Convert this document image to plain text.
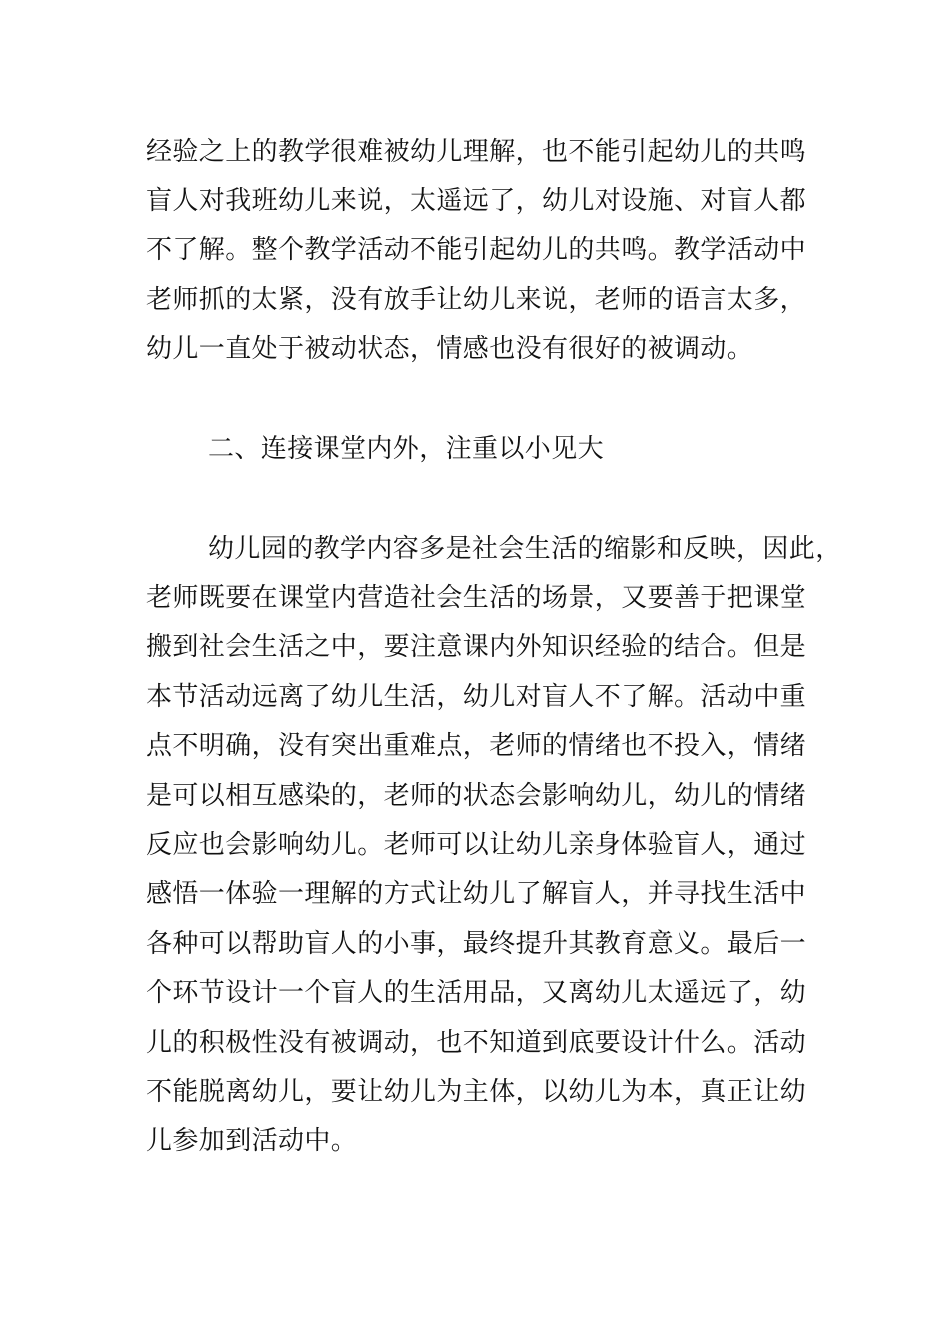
经验之上的教学很难被幼儿理解，也不能引起幼儿的共鸣
盲人对我班幼儿来说，太遥远了，幼儿对设施、对盲人都
不了解。整个教学活动不能引起幼儿的共鸣。教学活动中
老师抓的太紧，没有放手让幼儿来说，老师的语言太多，
幼儿一直处于被动状态，情感也没有很好的被调动。
二、连接课堂内外，注重以小见大
幼儿园的教学内容多是社会生活的缩影和反映，因此，
老师既要在课堂内营造社会生活的场景，又要善于把课堂
搬到社会生活之中，要注意课内外知识经验的结合。但是
本节活动远离了幼儿生活，幼儿对盲人不了解。活动中重
点不明确，没有突出重难点，老师的情绪也不投入，情绪
是可以相互感染的，老师的状态会影响幼儿，幼儿的情绪
反应也会影响幼儿。老师可以让幼儿亲身体验盲人，通过
感悟一体验一理解的方式让幼儿了解盲人，并寻找生活中
各种可以帮助盲人的小事，最终提升其教育意义。最后一
个环节设计一个盲人的生活用品，又离幼儿太遥远了，幼
儿的积极性没有被调动，也不知道到底要设计什么。活动
不能脱离幼儿，要让幼儿为主体，以幼儿为本，真正让幼
儿参加到活动中。
